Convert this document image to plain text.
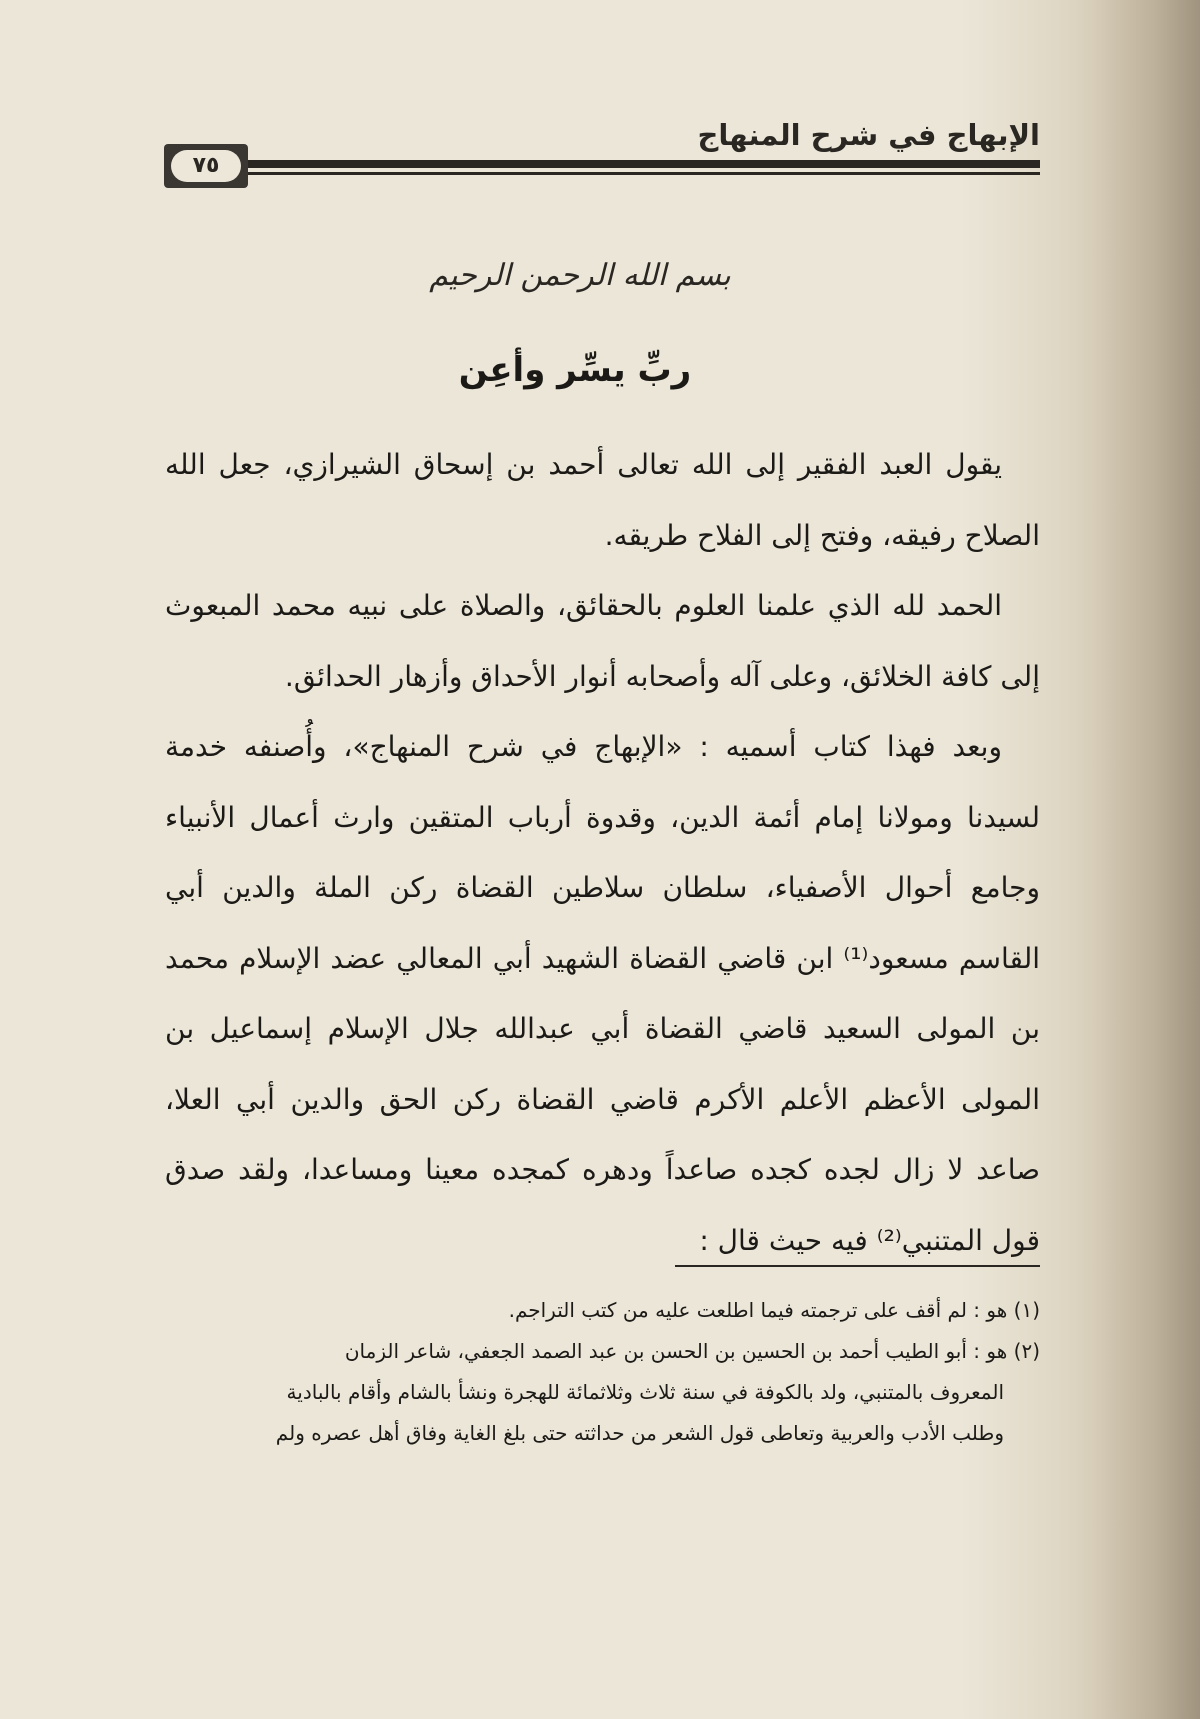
الإبهاج في شرح المنهاج
٧٥
بسم الله الرحمن الرحيم
ربِّ يسِّر وأعِن

يقول العبد الفقير إلى الله تعالى أحمد بن إسحاق الشيرازي، جعل الله الصلاح رفيقه، وفتح إلى الفلاح طريقه.

الحمد لله الذي علمنا العلوم بالحقائق، والصلاة على نبيه محمد المبعوث إلى كافة الخلائق، وعلى آله وأصحابه أنوار الأحداق وأزهار الحدائق.

وبعد فهذا كتاب أسميه : «الإبهاج في شرح المنهاج»، وأُصنفه خدمة لسيدنا ومولانا إمام أئمة الدين، وقدوة أرباب المتقين وارث أعمال الأنبياء وجامع أحوال الأصفياء، سلطان سلاطين القضاة ركن الملة والدين أبي القاسم مسعود⁽¹⁾ ابن قاضي القضاة الشهيد أبي المعالي عضد الإسلام محمد بن المولى السعيد قاضي القضاة أبي عبدالله جلال الإسلام إسماعيل بن المولى الأعظم الأعلم الأكرم قاضي القضاة ركن الحق والدين أبي العلا، صاعد لا زال لجده كجده صاعداً ودهره كمجده معينا ومساعدا، ولقد صدق قول المتنبي⁽²⁾ فيه حيث قال :

(١) هو : لم أقف على ترجمته فيما اطلعت عليه من كتب التراجم.

(٢) هو : أبو الطيب أحمد بن الحسين بن الحسن بن عبد الصمد الجعفي، شاعر الزمان

المعروف بالمتنبي، ولد بالكوفة في سنة ثلاث وثلاثمائة للهجرة ونشأ بالشام وأقام بالبادية

وطلب الأدب والعربية وتعاطى قول الشعر من حداثته حتى بلغ الغاية وفاق أهل عصره ولم
